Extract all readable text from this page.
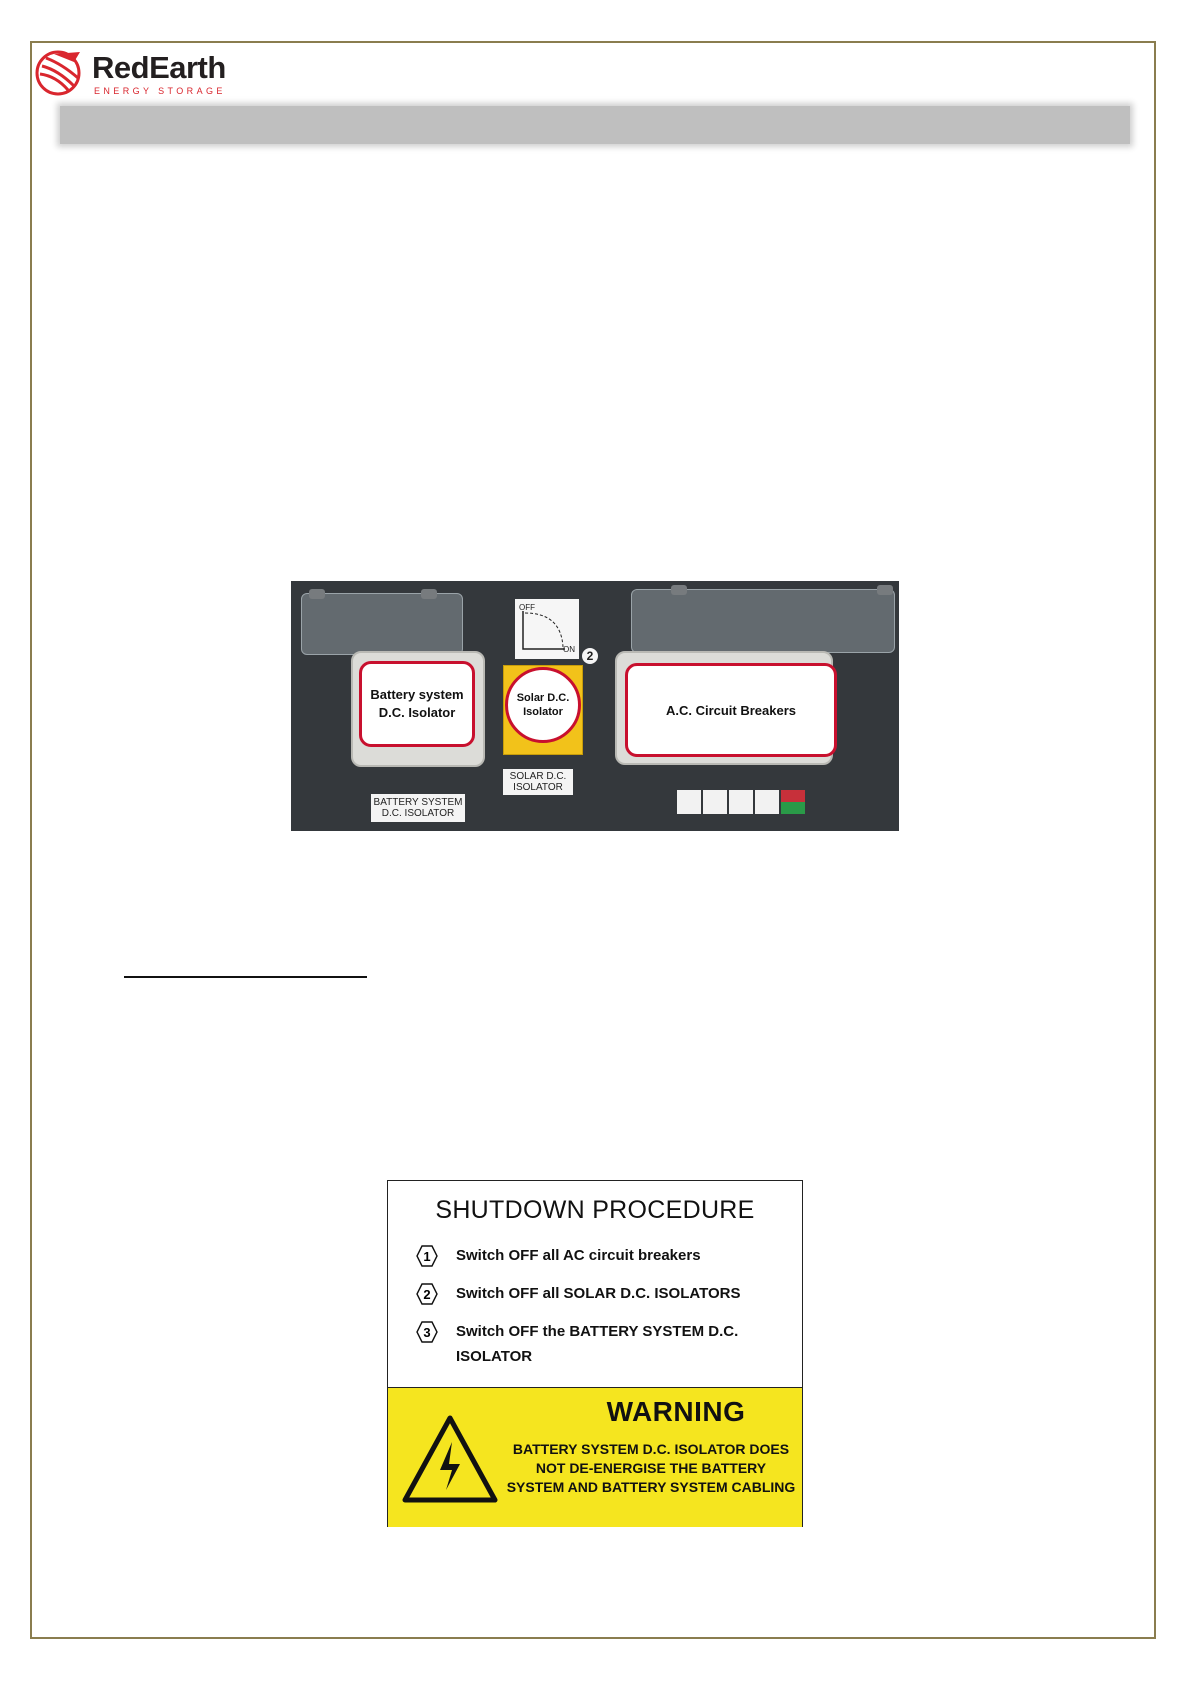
RedEarth
ENERGY STORAGE
Battery system D.C. Isolator
BATTERY SYSTEM D.C. ISOLATOR
OFF
ON 2
Solar D.C. Isolator
SOLAR D.C. ISOLATOR
A.C. Circuit Breakers
SHUTDOWN PROCEDURE
1 Switch OFF all AC circuit breakers
2 Switch OFF all SOLAR D.C. ISOLATORS
3 Switch OFF the BATTERY SYSTEM D.C. ISOLATOR
WARNING
BATTERY SYSTEM D.C. ISOLATOR DOES NOT DE-ENERGISE THE BATTERY SYSTEM AND BATTERY SYSTEM CABLING
